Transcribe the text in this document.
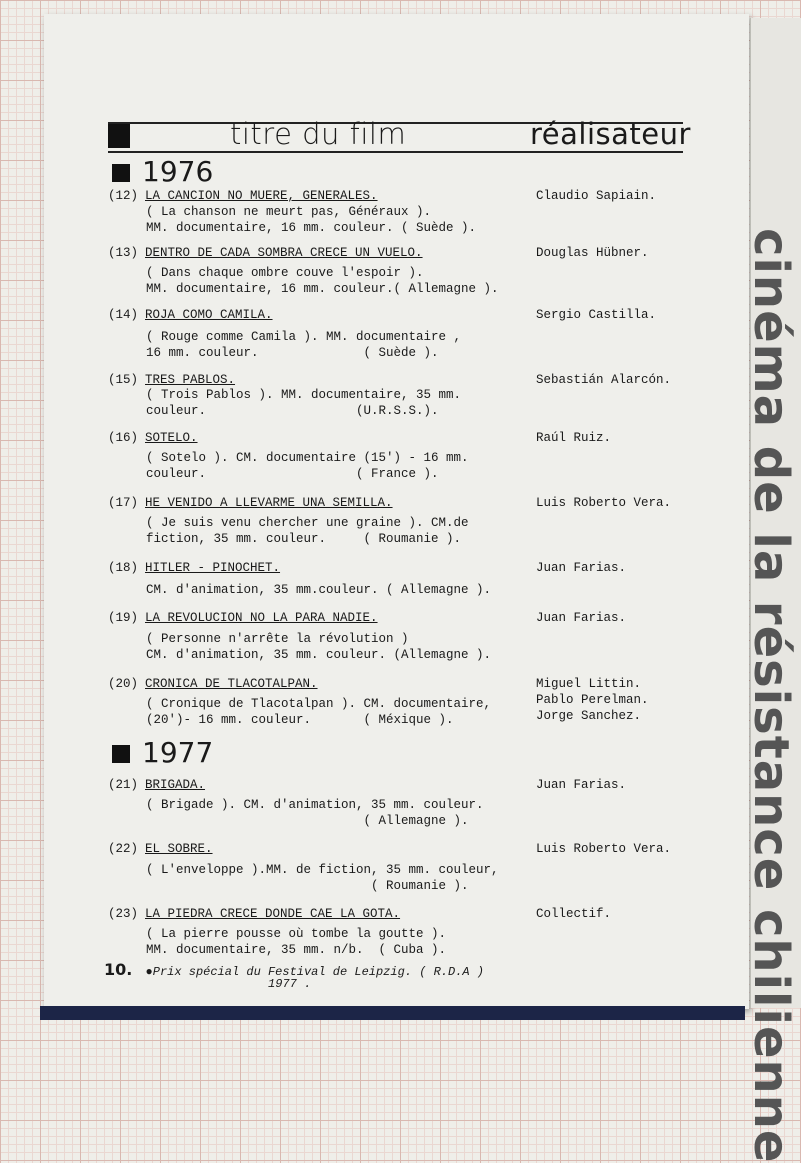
cinéma de la résistance chilienne
titre du film	réalisateur
1976
(12) LA CANCION NO MUERE, GENERALES.	Claudio Sapiain.
( La chanson ne meurt pas, Généraux ).
MM. documentaire, 16 mm. couleur. ( Suède ).
(13) DENTRO DE CADA SOMBRA CRECE UN VUELO.	Douglas Hübner.
( Dans chaque ombre couve l'espoir ).
MM. documentaire, 16 mm. couleur.( Allemagne ).
(14) ROJA COMO CAMILA.	Sergio Castilla.
( Rouge comme Camila ). MM. documentaire ,
16 mm. couleur.              ( Suède ).
(15) TRES PABLOS.	Sebastián Alarcón.
( Trois Pablos ). MM. documentaire, 35 mm.
couleur.                    (U.R.S.S.).
(16) SOTELO.	Raúl Ruiz.
( Sotelo ). CM. documentaire (15') - 16 mm.
couleur.                    ( France ).
(17) HE VENIDO A LLEVARME UNA SEMILLA.	Luis Roberto Vera.
( Je suis venu chercher une graine ). CM.de
fiction, 35 mm. couleur.     ( Roumanie ).
(18) HITLER - PINOCHET.	Juan Farias.
CM. d'animation, 35 mm.couleur. ( Allemagne ).
(19) LA REVOLUCION NO LA PARA NADIE.	Juan Farias.
( Personne n'arrête la révolution )
CM. d'animation, 35 mm. couleur. (Allemagne ).
(20) CRONICA DE TLACOTALPAN.	Miguel Littin.
Pablo Perelman.
Jorge Sanchez.
( Cronique de Tlacotalpan ). CM. documentaire,
(20')- 16 mm. couleur.       ( Méxique ).
1977
(21) BRIGADA.	Juan Farias.
( Brigade ). CM. d'animation, 35 mm. couleur.
( Allemagne ).
(22) EL SOBRE.	Luis Roberto Vera.
( L'enveloppe ).MM. de fiction, 35 mm. couleur,
( Roumanie ).
(23) LA PIEDRA CRECE DONDE CAE LA GOTA.	Collectif.
( La pierre pousse où tombe la goutte ).
MM. documentaire, 35 mm. n/b.  ( Cuba ).
10. ●Prix spécial du Festival de Leipzig. ( R.D.A )
1977 .
